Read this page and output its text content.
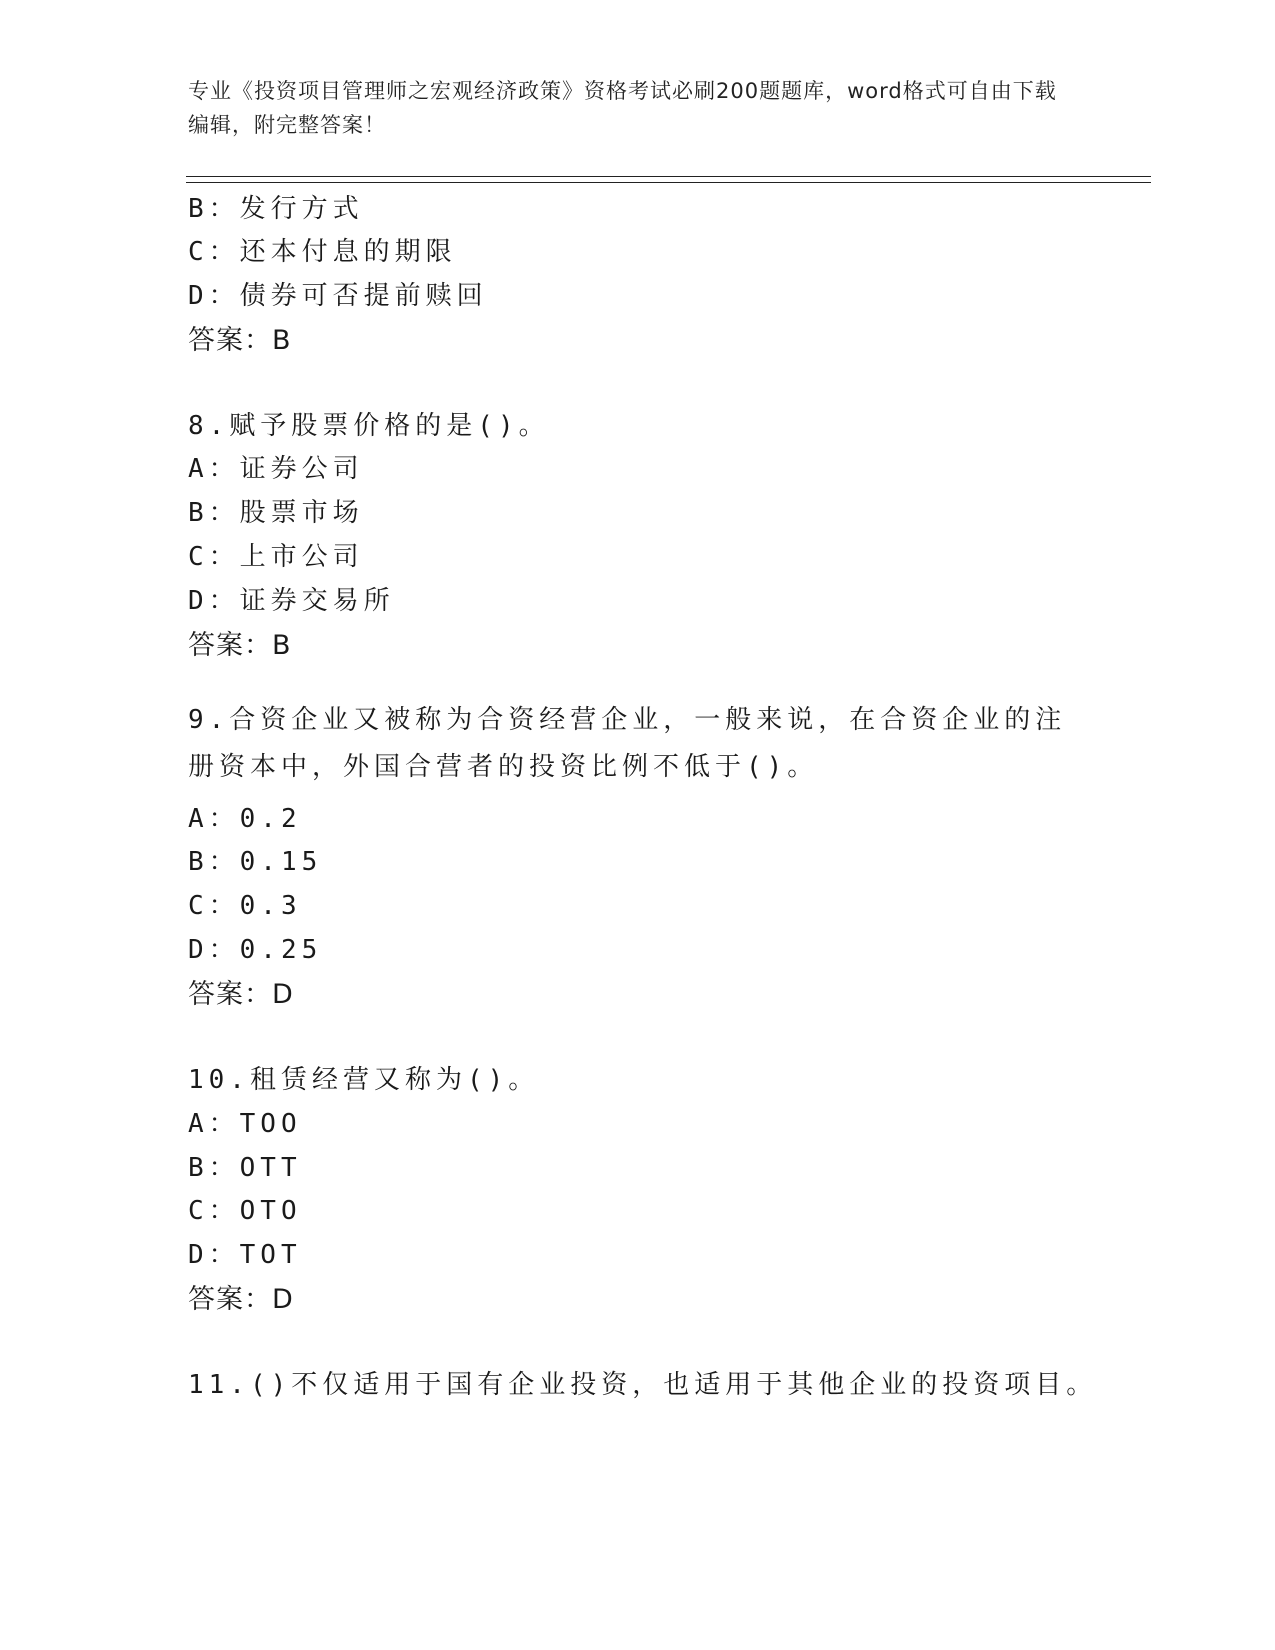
专业《投资项目管理师之宏观经济政策》资格考试必刷200题题库，word格式可自由下载编辑，附完整答案！
B：发行方式
C：还本付息的期限
D：债券可否提前赎回
答案：B
8.赋予股票价格的是()。
A：证券公司
B：股票市场
C：上市公司
D：证券交易所
答案：B
9.合资企业又被称为合资经营企业，一般来说，在合资企业的注册资本中，外国合营者的投资比例不低于()。
A：0.2
B：0.15
C：0.3
D：0.25
答案：D
10.租赁经营又称为()。
A：TOO
B：OTT
C：OTO
D：TOT
答案：D
11.()不仅适用于国有企业投资，也适用于其他企业的投资项目。
